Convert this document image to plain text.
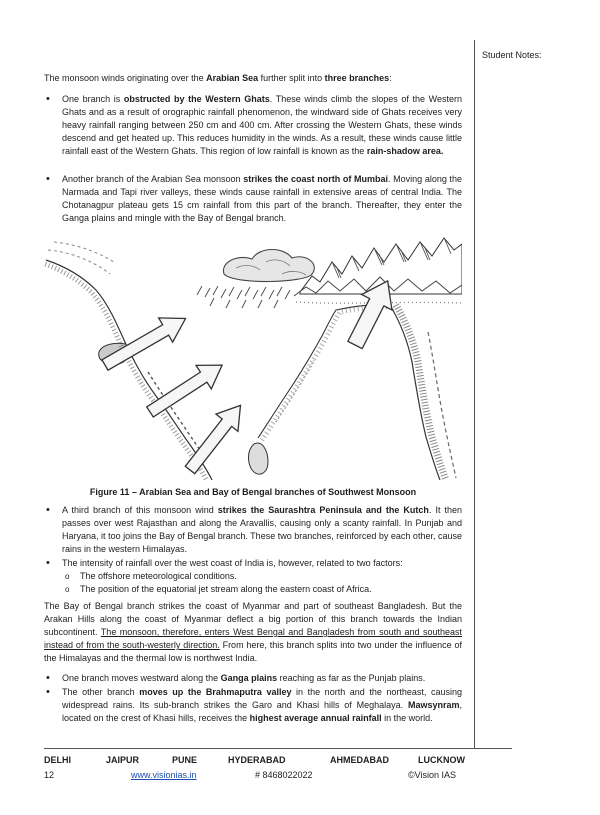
Student Notes:
The monsoon winds originating over the Arabian Sea further split into three branches:
• One branch is obstructed by the Western Ghats. These winds climb the slopes of the Western Ghats and as a result of orographic rainfall phenomenon, the windward side of Ghats receives very heavy rainfall ranging between 250 cm and 400 cm. After crossing the Western Ghats, these winds descend and get heated up. This reduces humidity in the winds. As a result, these winds cause little rainfall east of the Western Ghats. This region of low rainfall is known as the rain-shadow area.
• Another branch of the Arabian Sea monsoon strikes the coast north of Mumbai. Moving along the Narmada and Tapi river valleys, these winds cause rainfall in extensive areas of central India. The Chotanagpur plateau gets 15 cm rainfall from this part of the branch. Thereafter, they enter the Ganga plains and mingle with the Bay of Bengal branch.
Figure 11 – Arabian Sea and Bay of Bengal branches of Southwest Monsoon
• A third branch of this monsoon wind strikes the Saurashtra Peninsula and the Kutch. It then passes over west Rajasthan and along the Aravallis, causing only a scanty rainfall. In Punjab and Haryana, it too joins the Bay of Bengal branch. These two branches, reinforced by each other, cause rains in the western Himalayas.
• The intensity of rainfall over the west coast of India is, however, related to two factors:
o The offshore meteorological conditions.
o The position of the equatorial jet stream along the eastern coast of Africa.
The Bay of Bengal branch strikes the coast of Myanmar and part of southeast Bangladesh. But the Arakan Hills along the coast of Myanmar deflect a big portion of this branch towards the Indian subcontinent. The monsoon, therefore, enters West Bengal and Bangladesh from south and southeast instead of from the south-westerly direction. From here, this branch splits into two under the influence of the Himalayas and the thermal low is northwest India.
• One branch moves westward along the Ganga plains reaching as far as the Punjab plains.
• The other branch moves up the Brahmaputra valley in the north and the northeast, causing widespread rains. Its sub-branch strikes the Garo and Khasi hills of Meghalaya. Mawsynram, located on the crest of Khasi hills, receives the highest average annual rainfall in the world.
DELHI	JAIPUR	PUNE	HYDERABAD	AHMEDABAD	LUCKNOW
12	www.visionias.in	# 8468022022	©Vision IAS
